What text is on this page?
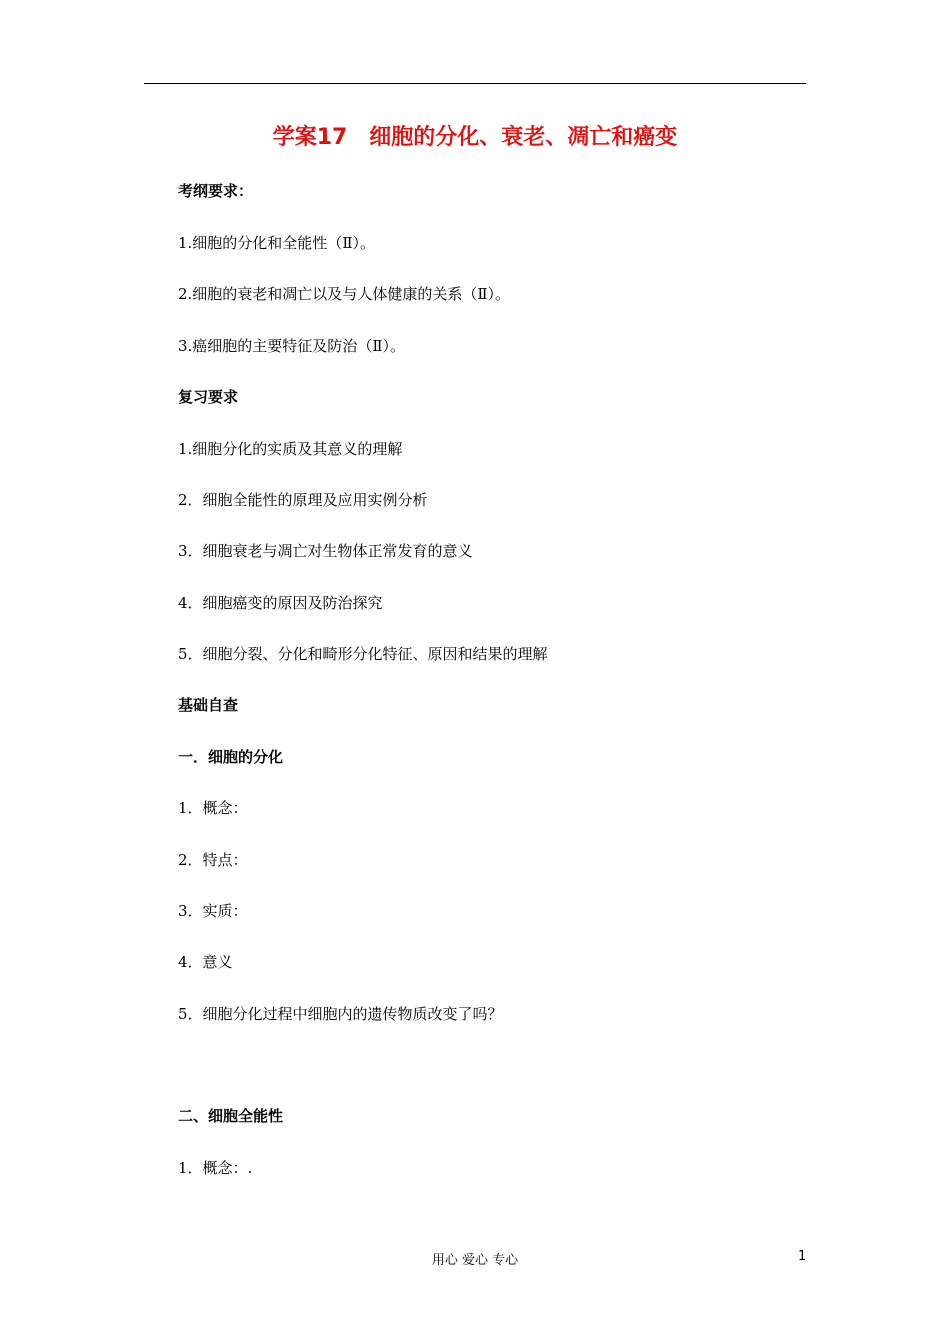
学案17　细胞的分化、衰老、凋亡和癌变
考纲要求：
1.细胞的分化和全能性（Ⅱ）。
2.细胞的衰老和凋亡以及与人体健康的关系（Ⅱ）。
3.癌细胞的主要特征及防治（Ⅱ）。
复习要求
1.细胞分化的实质及其意义的理解
2．细胞全能性的原理及应用实例分析
3．细胞衰老与凋亡对生物体正常发育的意义
4．细胞癌变的原因及防治探究
5．细胞分裂、分化和畸形分化特征、原因和结果的理解
基础自查
一．细胞的分化
1．概念：
2．特点：
3．实质：
4．意义
5．细胞分化过程中细胞内的遗传物质改变了吗？
二、细胞全能性
1．概念：.
用心 爱心 专心	1
